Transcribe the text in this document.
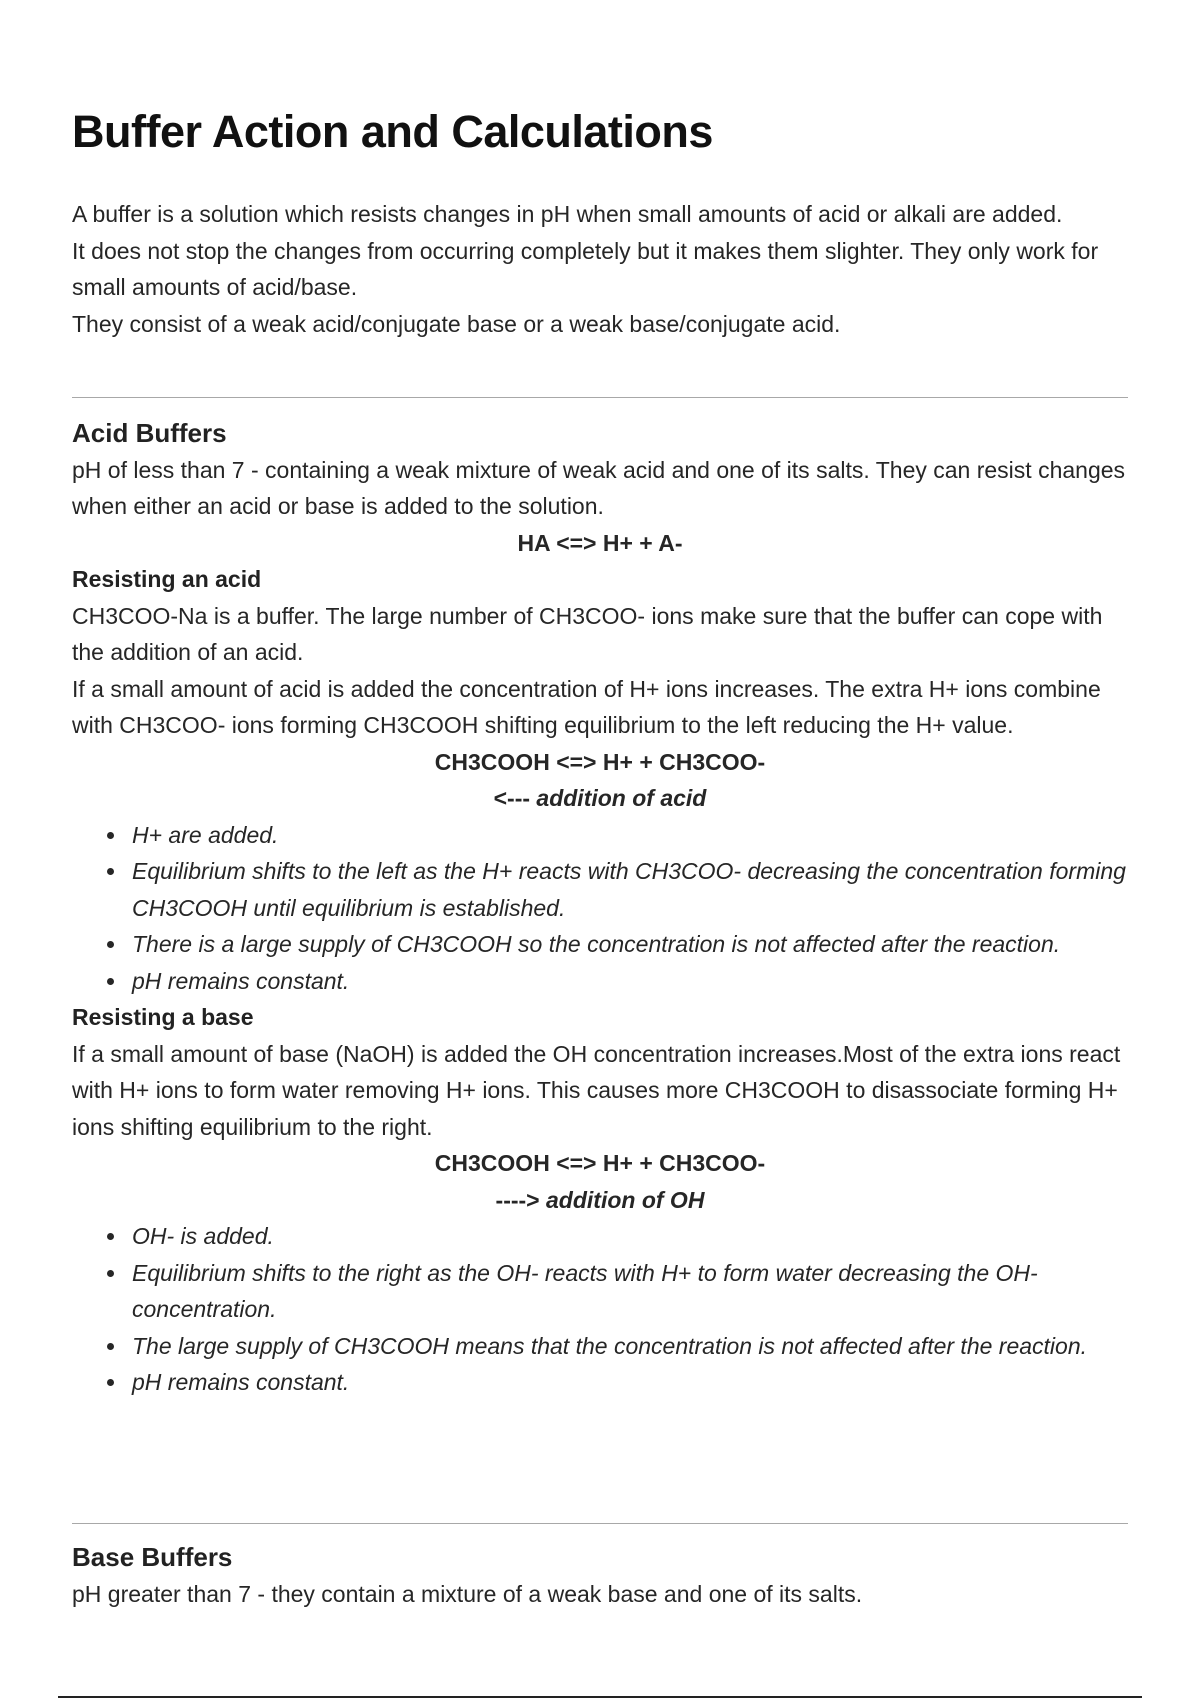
Buffer Action and Calculations

A buffer is a solution which resists changes in pH when small amounts of acid or alkali are added.

It does not stop the changes from occurring completely but it makes them slighter. They only work for small amounts of acid/base.

They consist of a weak acid/conjugate base or a weak base/conjugate acid.

Acid Buffers

pH of less than 7 - containing a weak mixture of weak acid and one of its salts. They can resist changes when either an acid or base is added to the solution.

HA <=> H+ + A-

Resisting an acid

CH3COO-Na is a buffer. The large number of CH3COO- ions make sure that the buffer can cope with the addition of an acid.

If a small amount of acid is added the concentration of H+ ions increases. The extra H+ ions combine with CH3COO- ions forming CH3COOH shifting equilibrium to the left reducing the H+ value.

CH3COOH <=> H+ + CH3COO-

<--- addition of acid

H+ are added.
Equilibrium shifts to the left as the H+ reacts with CH3COO- decreasing the concentration forming CH3COOH until equilibrium is established.
There is a large supply of CH3COOH so the concentration is not affected after the reaction.
pH remains constant.

Resisting a base

If a small amount of base (NaOH) is added the OH concentration increases.Most of the extra ions react with H+ ions to form water removing H+ ions. This causes more CH3COOH to disassociate forming H+ ions shifting equilibrium to the right.

CH3COOH <=> H+ + CH3COO-

----> addition of OH

OH- is added.
Equilibrium shifts to the right as the OH- reacts with H+ to form water decreasing the OH- concentration.
The large supply of CH3COOH means that the concentration is not affected after the reaction.
pH remains constant.

Base Buffers

pH greater than 7 - they contain a mixture of a weak base and one of its salts.
